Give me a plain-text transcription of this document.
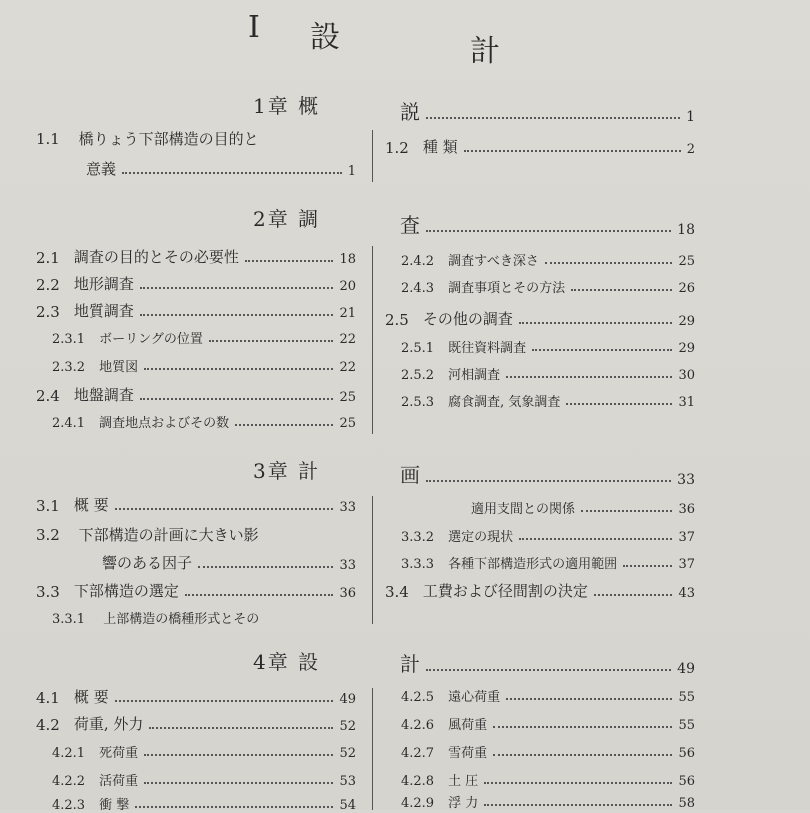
I 設	計
1章 概	説	1
1.1 橋りょう下部構造の目的と
意義	1
1.2 種 類	2
2章 調	査	18
2.1 調査の目的とその必要性	18
2.2 地形調査	20
2.3 地質調査	21
2.3.1 ボーリングの位置	22
2.3.2 地質図	22
2.4 地盤調査	25
2.4.1 調査地点およびその数	25
2.4.2 調査すべき深さ	25
2.4.3 調査事項とその方法	26
2.5 その他の調査	29
2.5.1 既往資料調査	29
2.5.2 河相調査	30
2.5.3 腐食調査, 気象調査	31
3章 計	画	33
3.1 概 要	33
3.2 下部構造の計画に大きい影
響のある因子	33
3.3 下部構造の選定	36
3.3.1 上部構造の橋種形式とその
適用支間との関係	36
3.3.2 選定の現状	37
3.3.3 各種下部構造形式の適用範囲	37
3.4 工費および径間割の決定	43
4章 設	計	49
4.1 概 要	49
4.2 荷重, 外力	52
4.2.1 死荷重	52
4.2.2 活荷重	53
4.2.3 衝 撃	54
4.2.5 遠心荷重	55
4.2.6 風荷重	55
4.2.7 雪荷重	56
4.2.8 土 圧	56
4.2.9 浮 力	58
